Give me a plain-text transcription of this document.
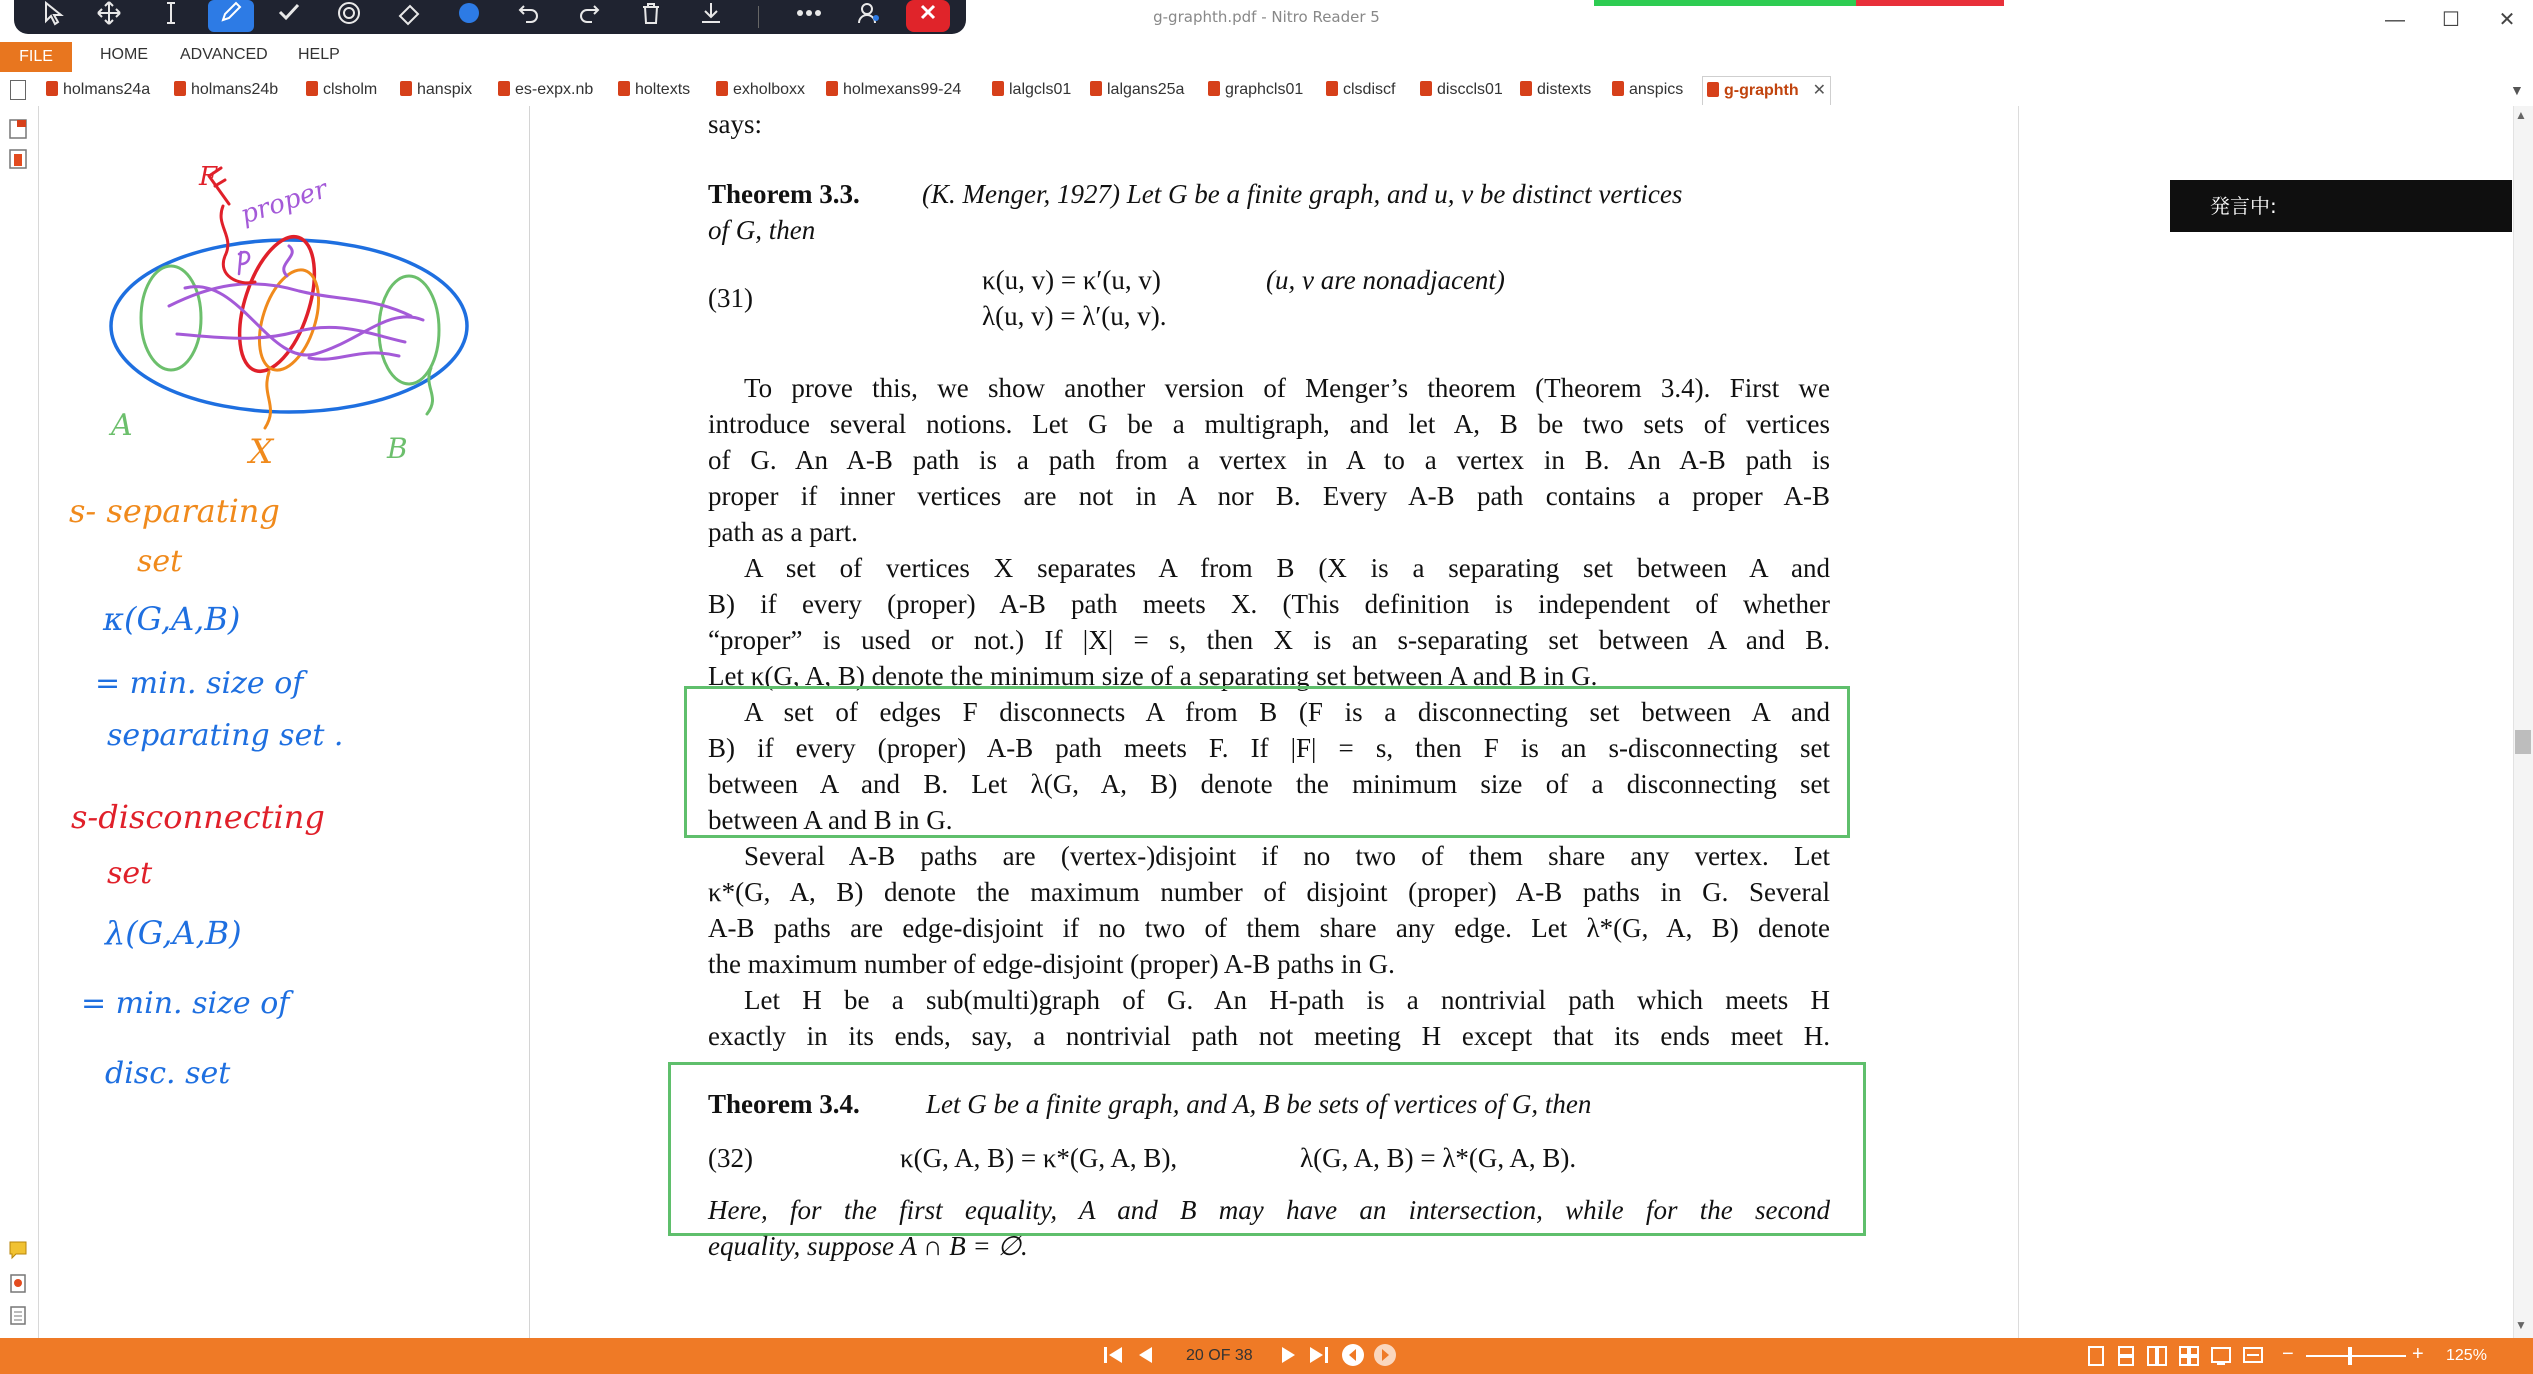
g-graphth.pdf - Nitro Reader 5	—	☐	✕
FILE	HOME ADVANCED HELP
holmans24a	holmans24b	clsholm	hanspix	es-expx.nb	holtexts	exholboxx	holmexans99-24	lalgcls01	lalgans25a	graphcls01	clsdiscf	disccls01	distexts	anspics	g-graphth ✕	▼
proper
F
A
X	B
s- separating
set
κ(G,A,B)
= min. size of
separating set .
s-disconnecting
set
λ(G,A,B)
= min. size of
disc. set
says:
Theorem 3.3. (K. Menger, 1927) Let G be a finite graph, and u, v be distinct vertices
of G, then
(31)
κ(u, v) = κ′(u, v)	(u, v are nonadjacent)
λ(u, v) = λ′(u, v).
To prove this, we show another version of Menger’s theorem (Theorem 3.4). First we
introduce several notions. Let G be a multigraph, and let A, B be two sets of vertices
of G. An A-B path is a path from a vertex in A to a vertex in B. An A-B path is
proper if inner vertices are not in A nor B. Every A-B path contains a proper A-B
path as a part.
A set of vertices X separates A from B (X is a separating set between A and
B) if every (proper) A-B path meets X. (This definition is independent of whether
“proper” is used or not.) If |X| = s, then X is an s-separating set between A and B.
Let κ(G, A, B) denote the minimum size of a separating set between A and B in G.
A set of edges F disconnects A from B (F is a disconnecting set between A and
B) if every (proper) A-B path meets F. If |F| = s, then F is an s-disconnecting set
between A and B. Let λ(G, A, B) denote the minimum size of a disconnecting set
between A and B in G.
Several A-B paths are (vertex-)disjoint if no two of them share any vertex. Let
κ*(G, A, B) denote the maximum number of disjoint (proper) A-B paths in G. Several
A-B paths are edge-disjoint if no two of them share any edge. Let λ*(G, A, B) denote
the maximum number of edge-disjoint (proper) A-B paths in G.
Let H be a sub(multi)graph of G. An H-path is a nontrivial path which meets H
exactly in its ends, say, a nontrivial path not meeting H except that its ends meet H.
Theorem 3.4. Let G be a finite graph, and A, B be sets of vertices of G, then
(32)	κ(G, A, B) = κ*(G, A, B),	λ(G, A, B) = λ*(G, A, B).
Here, for the first equality, A and B may have an intersection, while for the second
equality, suppose A ∩ B = ∅.
発言中:
▲
▼
20 OF 38	−	+ 125%
